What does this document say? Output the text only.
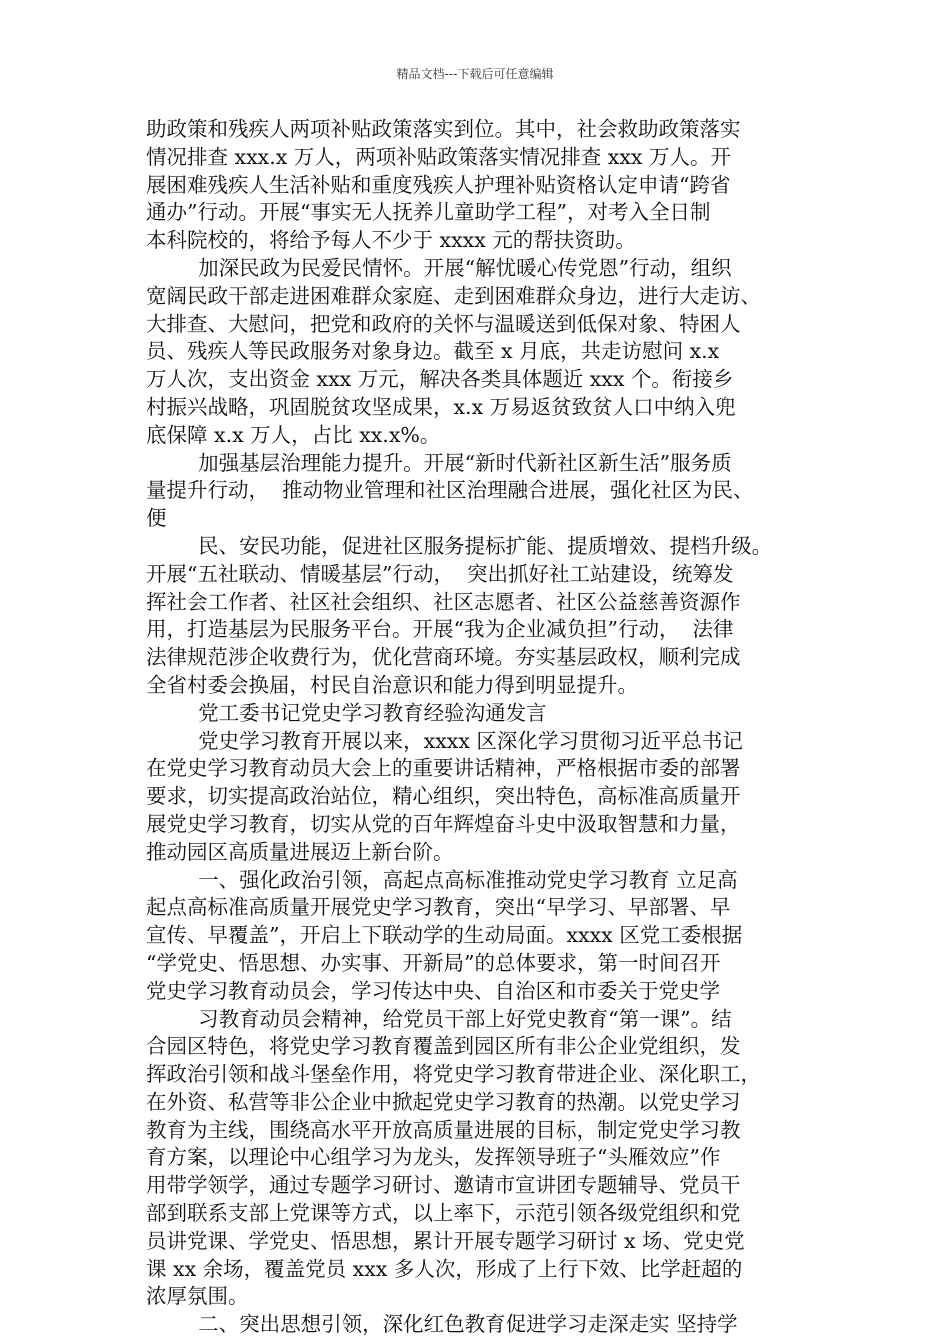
精品文档---下载后可任意编辑
助政策和残疾人两项补贴政策落实到位。其中，社会救助政策落实
情况排查 xxx.x 万人，两项补贴政策落实情况排查 xxx 万人。开
展困难残疾人生活补贴和重度残疾人护理补贴资格认定申请“跨省
通办”行动。开展“事实无人抚养儿童助学工程”，对考入全日制
本科院校的，将给予每人不少于 xxxx 元的帮扶资助。
加深民政为民爱民情怀。开展“解忧暖心传党恩”行动，组织
宽阔民政干部走进困难群众家庭、走到困难群众身边，进行大走访、
大排查、大慰问，把党和政府的关怀与温暖送到低保对象、特困人
员、残疾人等民政服务对象身边。截至 x 月底，共走访慰问 x.x
万人次，支出资金 xxx 万元，解决各类具体题近 xxx 个。衔接乡
村振兴战略，巩固脱贫攻坚成果，x.x 万易返贫致贫人口中纳入兜
底保障 x.x 万人，占比 xx.x%。
加强基层治理能力提升。开展“新时代新社区新生活”服务质
量提升行动，  推动物业管理和社区治理融合进展，强化社区为民、
便
民、安民功能，促进社区服务提标扩能、提质增效、提档升级。
开展“五社联动、情暖基层”行动，  突出抓好社工站建设，统筹发
挥社会工作者、社区社会组织、社区志愿者、社区公益慈善资源作
用，打造基层为民服务平台。开展“我为企业减负担”行动，  法律
法律规范涉企收费行为，优化营商环境。夯实基层政权，顺利完成
全省村委会换届，村民自治意识和能力得到明显提升。
党工委书记党史学习教育经验沟通发言
党史学习教育开展以来，xxxx 区深化学习贯彻习近平总书记
在党史学习教育动员大会上的重要讲话精神，严格根据市委的部署
要求，切实提高政治站位，精心组织，突出特色，高标准高质量开
展党史学习教育，切实从党的百年辉煌奋斗史中汲取智慧和力量，
推动园区高质量进展迈上新台阶。
一、强化政治引领，高起点高标准推动党史学习教育 立足高
起点高标准高质量开展党史学习教育，突出“早学习、早部署、早
宣传、早覆盖”，开启上下联动学的生动局面。xxxx 区党工委根据
“学党史、悟思想、办实事、开新局”的总体要求，第一时间召开
党史学习教育动员会，学习传达中央、自治区和市委关于党史学
习教育动员会精神，给党员干部上好党史教育“第一课”。结
合园区特色，将党史学习教育覆盖到园区所有非公企业党组织，发
挥政治引领和战斗堡垒作用，将党史学习教育带进企业、深化职工，
在外资、私营等非公企业中掀起党史学习教育的热潮。以党史学习
教育为主线，围绕高水平开放高质量进展的目标，制定党史学习教
育方案，以理论中心组学习为龙头，发挥领导班子“头雁效应”作
用带学领学，通过专题学习研讨、邀请市宣讲团专题辅导、党员干
部到联系支部上党课等方式，以上率下，示范引领各级党组织和党
员讲党课、学党史、悟思想，累计开展专题学习研讨 x 场、党史党
课 xx 余场，覆盖党员 xxx 多人次，形成了上行下效、比学赶超的
浓厚氛围。
二、突出思想引领，深化红色教育促进学习走深走实 坚持学
